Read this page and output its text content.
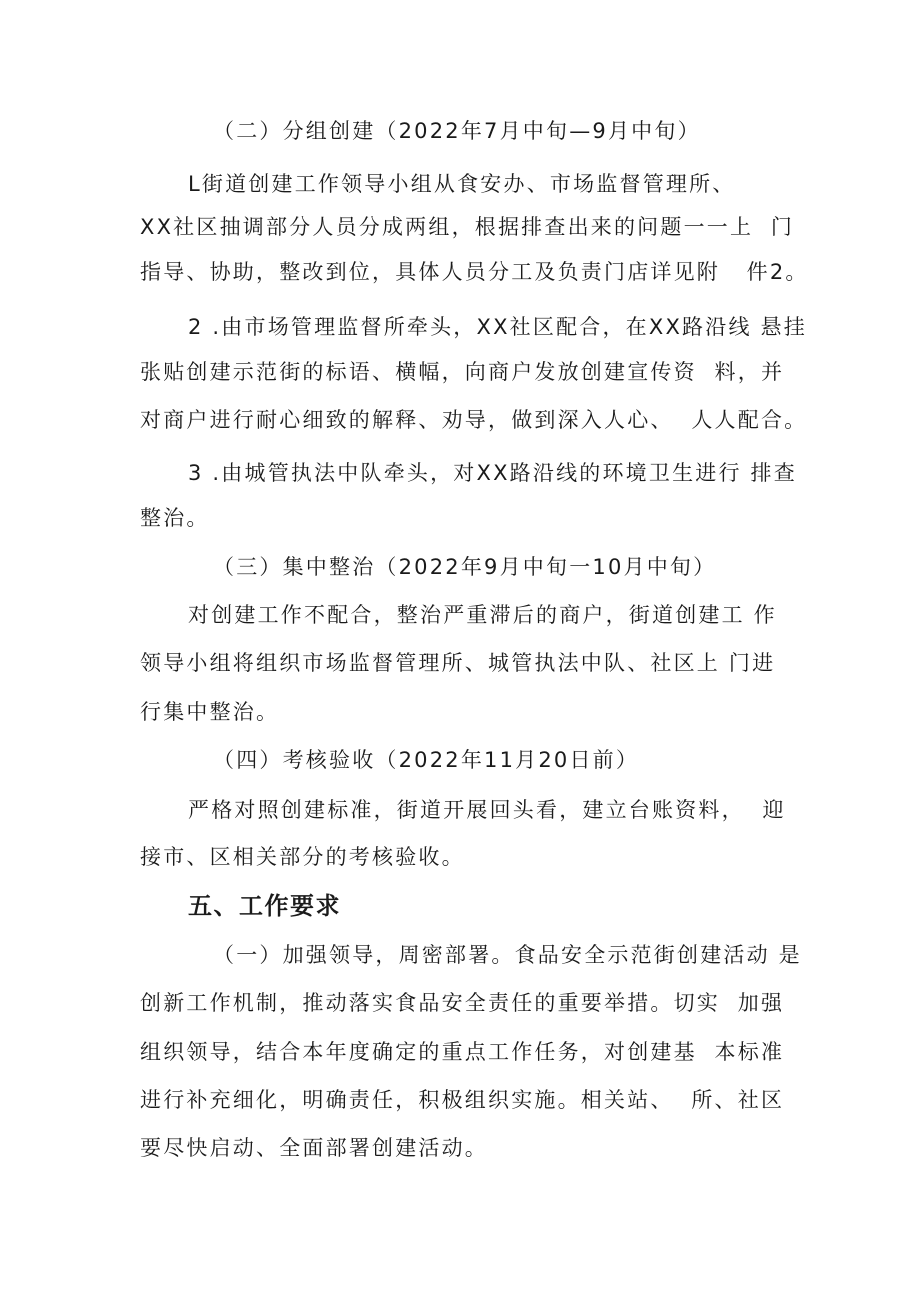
（二）分组创建（2022年7月中旬—9月中旬）
L街道创建工作领导小组从食安办、市场监督管理所、
XX社区抽调部分人员分成两组，根据排查出来的问题一一上  门
指导、协助，整改到位，具体人员分工及负责门店详见附   件2。
2 .由市场管理监督所牵头，XX社区配合，在XX路沿线 悬挂
张贴创建示范街的标语、横幅，向商户发放创建宣传资  料，并
对商户进行耐心细致的解释、劝导，做到深入人心、  人人配合。
3 .由城管执法中队牵头，对XX路沿线的环境卫生进行 排查
整治。
（三）集中整治（2022年9月中旬一10月中旬）
对创建工作不配合，整治严重滞后的商户，街道创建工 作
领导小组将组织市场监督管理所、城管执法中队、社区上 门进
行集中整治。
（四）考核验收（2022年11月20日前）
严格对照创建标准，街道开展回头看，建立台账资料，  迎
接市、区相关部分的考核验收。
五、工作要求
（一）加强领导，周密部署。食品安全示范街创建活动 是
创新工作机制，推动落实食品安全责任的重要举措。切实  加强
组织领导，结合本年度确定的重点工作任务，对创建基  本标准
进行补充细化，明确责任，积极组织实施。相关站、  所、社区
要尽快启动、全面部署创建活动。
